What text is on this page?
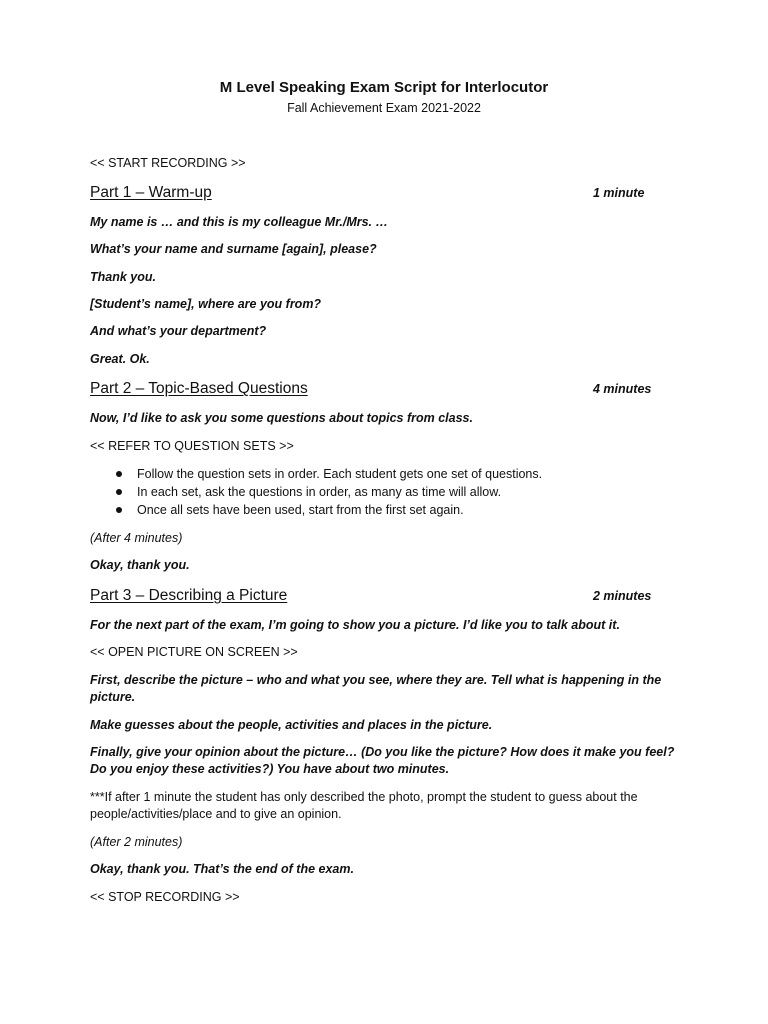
M Level Speaking Exam Script for Interlocutor

Fall Achievement Exam 2021-2022

<< START RECORDING >>

Part 1 – Warm-up	1 minute

My name is … and this is my colleague Mr./Mrs. …

What’s your name and surname [again], please?

Thank you.

[Student’s name], where are you from?

And what’s your department?

Great. Ok.

Part 2 – Topic-Based Questions	4 minutes

Now, I’d like to ask you some questions about topics from class.

<< REFER TO QUESTION SETS >>

Follow the question sets in order. Each student gets one set of questions.
In each set, ask the questions in order, as many as time will allow.
Once all sets have been used, start from the first set again.

(After 4 minutes)

Okay, thank you.

Part 3 – Describing a Picture	2 minutes

For the next part of the exam, I’m going to show you a picture. I’d like you to talk about it.

<< OPEN PICTURE ON SCREEN >>

First, describe the picture – who and what you see, where they are. Tell what is happening in the picture.

Make guesses about the people, activities and places in the picture.

Finally, give your opinion about the picture… (Do you like the picture? How does it make you feel? Do you enjoy these activities?) You have about two minutes.

***If after 1 minute the student has only described the photo, prompt the student to guess about the people/activities/place and to give an opinion.

(After 2 minutes)

Okay, thank you. That’s the end of the exam.

<< STOP RECORDING >>
